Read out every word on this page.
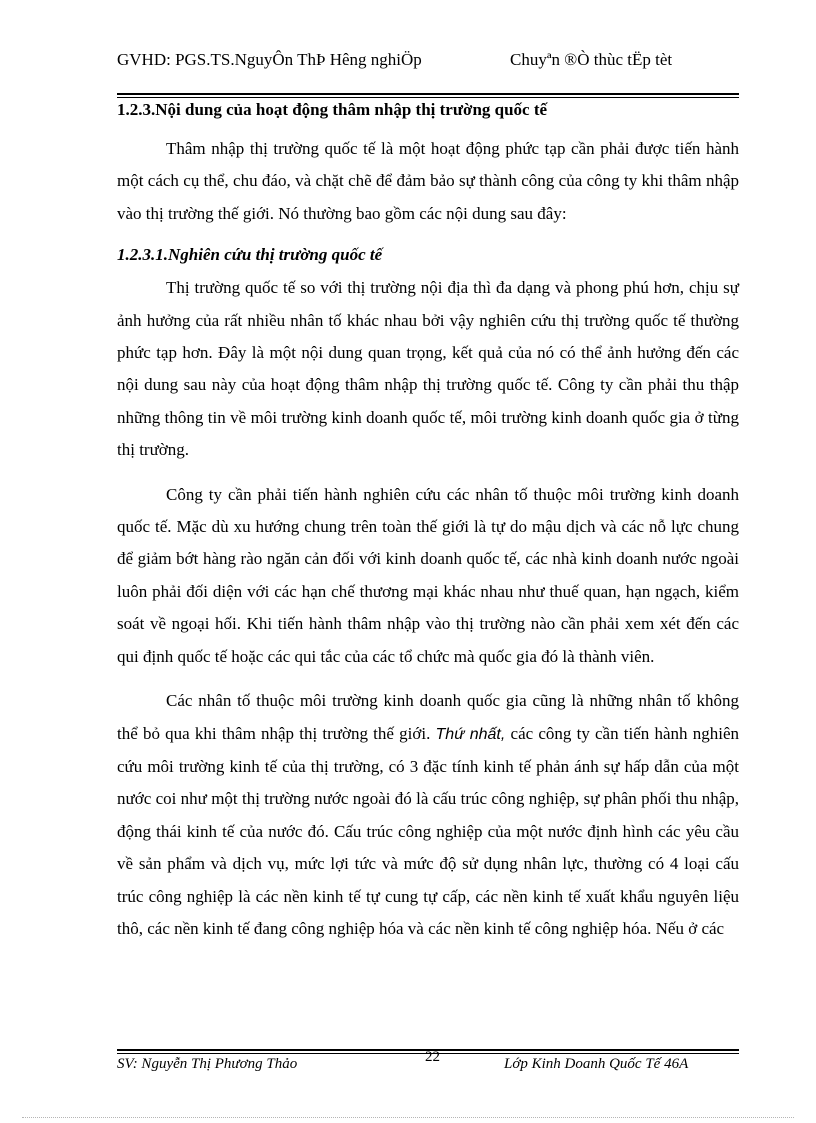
GVHD: PGS.TS.NguyÔn ThÞ Hêng nghiÖp	Chuyªn ®Ò thùc tËp tèt
1.2.3.Nội dung của hoạt động thâm nhập thị trường quốc tế

Thâm nhập thị trường quốc tế là một hoạt động phức tạp cần phải được tiến hành một cách cụ thể, chu đáo, và chặt chẽ để đảm bảo sự thành công của công ty khi thâm nhập vào thị trường thế giới. Nó thường bao gồm các nội dung sau đây:

1.2.3.1.Nghiên cứu thị trường quốc tế

Thị trường quốc tế so với thị trường nội địa thì đa dạng và phong phú hơn, chịu sự ảnh hưởng của rất nhiều nhân tố khác nhau bởi vậy nghiên cứu thị trường quốc tế thường phức tạp hơn. Đây là một nội dung quan trọng, kết quả của nó có thể ảnh hưởng đến các nội dung sau này của hoạt động thâm nhập thị trường quốc tế. Công ty cần phải thu thập những thông tin về môi trường kinh doanh quốc tế, môi trường kinh doanh quốc gia ở từng thị trường.

Công ty cần phải tiến hành nghiên cứu các nhân tố thuộc môi trường kinh doanh quốc tế. Mặc dù xu hướng chung trên toàn thế giới là tự do mậu dịch và các nỗ lực chung để giảm bớt hàng rào ngăn cản đối với kinh doanh quốc tế, các nhà kinh doanh nước ngoài luôn phải đối diện với các hạn chế thương mại khác nhau như thuế quan, hạn ngạch, kiểm soát về ngoại hối. Khi tiến hành thâm nhập vào thị trường nào cần phải xem xét đến các qui định quốc tế hoặc các qui tắc của các tổ chức mà quốc gia đó là thành viên.

Các nhân tố thuộc môi trường kinh doanh quốc gia cũng là những nhân tố không thể bỏ qua khi thâm nhập thị trường thế giới. Thứ nhất, các công ty cần tiến hành nghiên cứu môi trường kinh tế của thị trường, có 3 đặc tính kinh tế phản ánh sự hấp dẫn của một nước coi như một thị trường nước ngoài đó là cấu trúc công nghiệp, sự phân phối thu nhập, động thái kinh tế của nước đó. Cấu trúc công nghiệp của một nước định hình các yêu cầu về sản phẩm và dịch vụ, mức lợi tức và mức độ sử dụng nhân lực, thường có 4 loại cấu trúc công nghiệp là các nền kinh tế tự cung tự cấp, các nền kinh tế xuất khẩu nguyên liệu thô, các nền kinh tế đang công nghiệp hóa và các nền kinh tế công nghiệp hóa. Nếu ở các

SV: Nguyễn Thị Phương Thảo	22	Lớp Kinh Doanh Quốc Tế 46A
